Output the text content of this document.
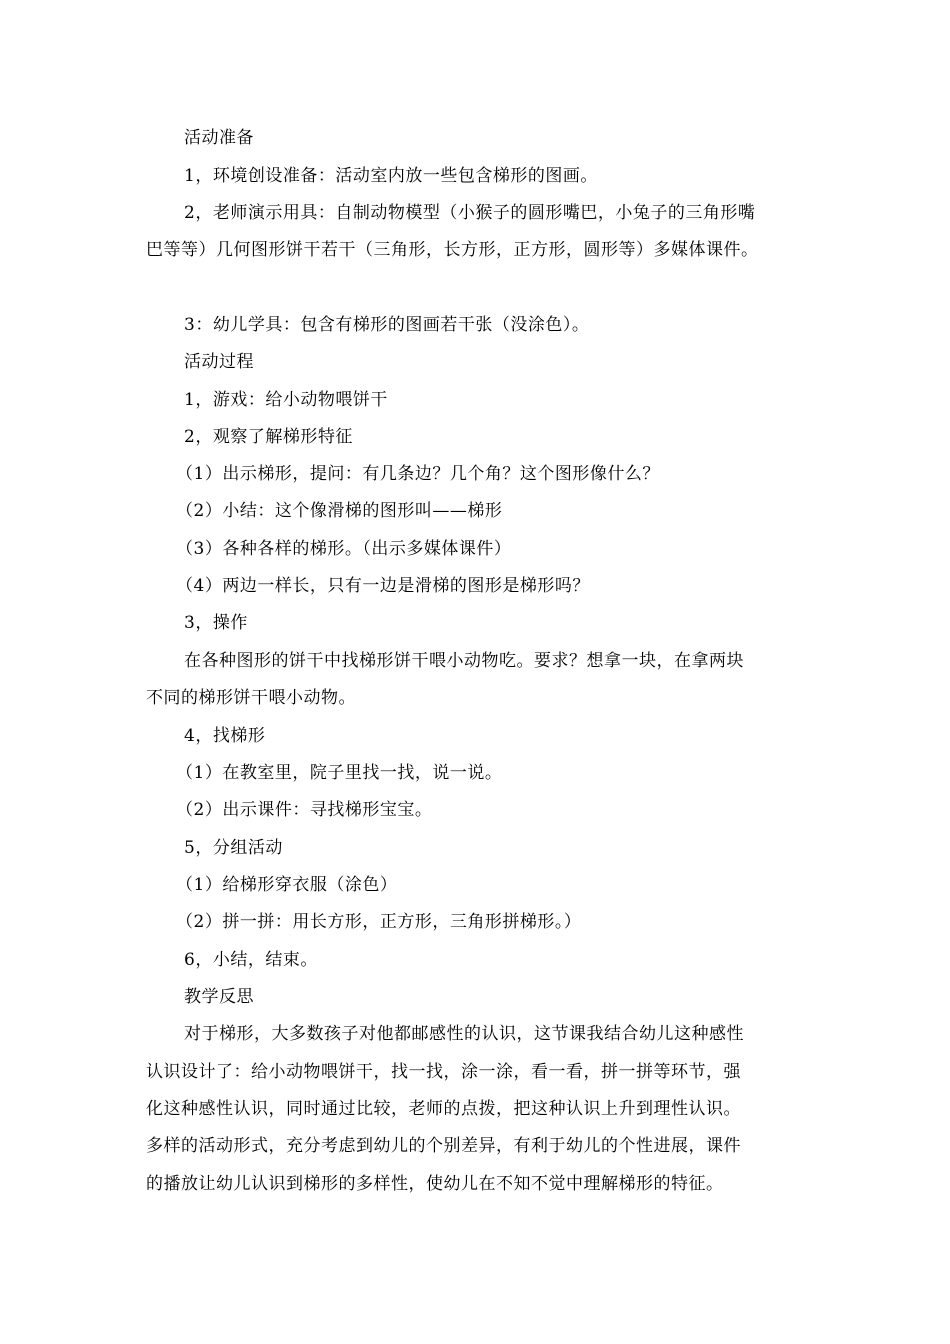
活动准备
1，环境创设准备：活动室内放一些包含梯形的图画。
2，老师演示用具：自制动物模型（小猴子的圆形嘴巴，小兔子的三角形嘴
巴等等）几何图形饼干若干（三角形，长方形，正方形，圆形等）多媒体课件。
3：幼儿学具：包含有梯形的图画若干张（没涂色）。
活动过程
1，游戏：给小动物喂饼干
2，观察了解梯形特征
（1）出示梯形，提问：有几条边？几个角？这个图形像什么？
（2）小结：这个像滑梯的图形叫——梯形
（3）各种各样的梯形。（出示多媒体课件）
（4）两边一样长，只有一边是滑梯的图形是梯形吗？
3，操作
在各种图形的饼干中找梯形饼干喂小动物吃。要求？想拿一块，在拿两块
不同的梯形饼干喂小动物。
4，找梯形
（1）在教室里，院子里找一找，说一说。
（2）出示课件：寻找梯形宝宝。
5，分组活动
（1）给梯形穿衣服（涂色）
（2）拼一拼：用长方形，正方形，三角形拼梯形。）
6，小结，结束。
教学反思
对于梯形，大多数孩子对他都邮感性的认识，这节课我结合幼儿这种感性
认识设计了：给小动物喂饼干，找一找，涂一涂，看一看，拼一拼等环节，强
化这种感性认识，同时通过比较，老师的点拨，把这种认识上升到理性认识。
多样的活动形式，充分考虑到幼儿的个别差异，有利于幼儿的个性进展，课件
的播放让幼儿认识到梯形的多样性，使幼儿在不知不觉中理解梯形的特征。
